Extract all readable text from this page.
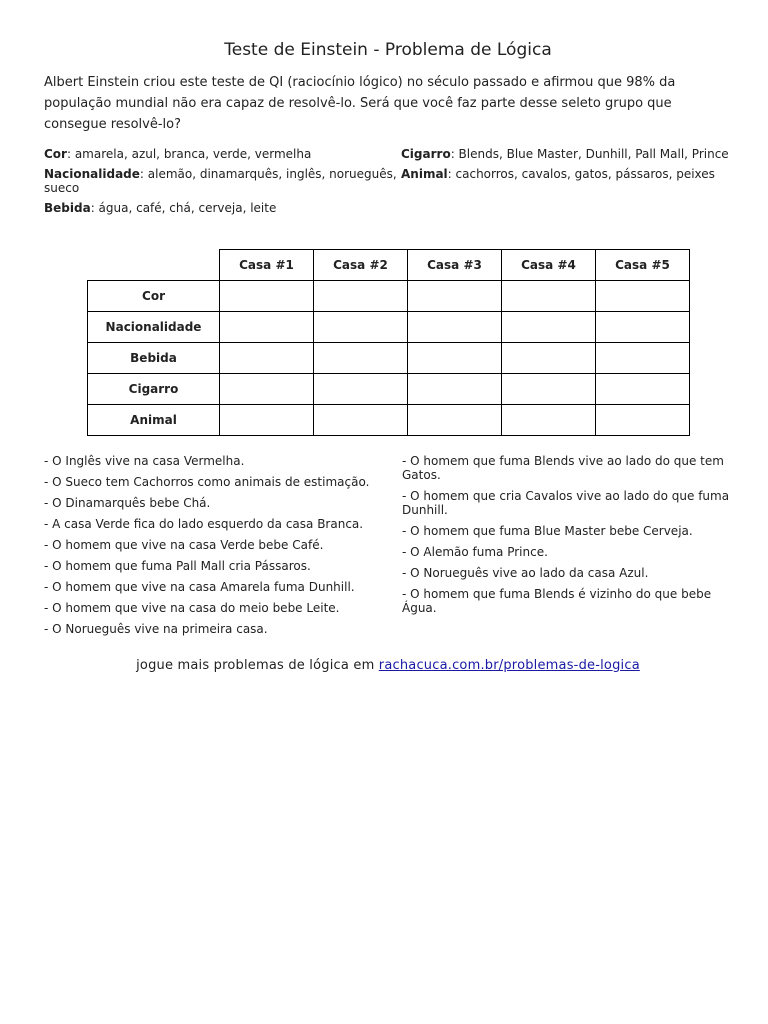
Teste de Einstein - Problema de Lógica
Albert Einstein criou este teste de QI (raciocínio lógico) no século passado e afirmou que 98% da população mundial não era capaz de resolvê-lo. Será que você faz parte desse seleto grupo que consegue resolvê-lo?
Cor: amarela, azul, branca, verde, vermelha
Nacionalidade: alemão, dinamarquês, inglês, norueguês, sueco
Bebida: água, café, chá, cerveja, leite
Cigarro: Blends, Blue Master, Dunhill, Pall Mall, Prince
Animal: cachorros, cavalos, gatos, pássaros, peixes
	Casa #1	Casa #2	Casa #3	Casa #4	Casa #5
Cor					
Nacionalidade					
Bebida					
Cigarro					
Animal					
- O Inglês vive na casa Vermelha.
- O Sueco tem Cachorros como animais de estimação.
- O Dinamarquês bebe Chá.
- A casa Verde fica do lado esquerdo da casa Branca.
- O homem que vive na casa Verde bebe Café.
- O homem que fuma Pall Mall cria Pássaros.
- O homem que vive na casa Amarela fuma Dunhill.
- O homem que vive na casa do meio bebe Leite.
- O Norueguês vive na primeira casa.
- O homem que fuma Blends vive ao lado do que tem Gatos.
- O homem que cria Cavalos vive ao lado do que fuma Dunhill.
- O homem que fuma Blue Master bebe Cerveja.
- O Alemão fuma Prince.
- O Norueguês vive ao lado da casa Azul.
- O homem que fuma Blends é vizinho do que bebe Água.
jogue mais problemas de lógica em rachacuca.com.br/problemas-de-logica
